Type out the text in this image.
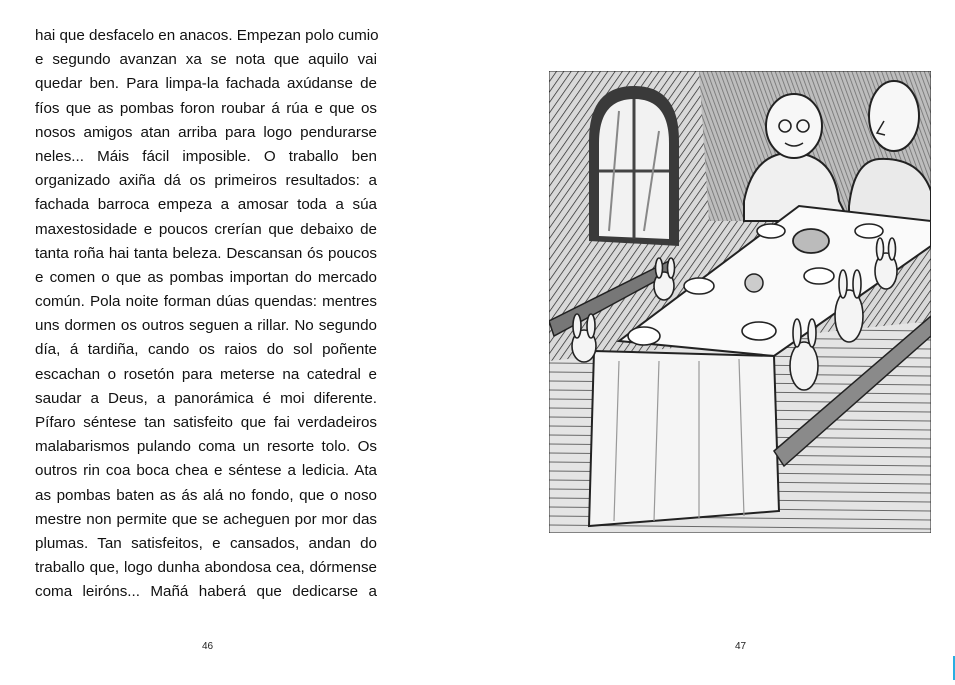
hai que desfacelo en anacos. Empezan polo cumio
e segundo avanzan xa se nota que aquilo vai
quedar ben. Para limpa-la fachada axúdanse de
fíos que as pombas foron roubar á rúa e que os
nosos amigos atan arriba para logo pendurarse
neles... Máis fácil imposible. O traballo ben
organizado axiña dá os primeiros resultados: a
fachada barroca empeza a amosar toda a súa
maxestosidade e poucos crerían que debaixo de
tanta roña hai tanta beleza. Descansan ós poucos
e comen o que as pombas importan do mercado
común. Pola noite forman dúas quendas: mentres
uns dormen os outros seguen a rillar. No segundo
día, á tardiña, cando os raios do sol poñente
escachan o rosetón para meterse na catedral e
saudar a Deus, a panorámica é moi diferente.
Pífaro séntese tan satisfeito que fai verdadeiros
malabarismos pulando coma un resorte tolo. Os
outros rin coa boca chea e séntese a ledicia. Ata
as pombas baten as ás alá no fondo, que o noso
mestre non permite que se acheguen por mor das
plumas. Tan satisfeitos, e cansados, andan do
traballo que, logo dunha abondosa cea, dórmense
coma leiróns... Mañá haberá que dedicarse a
46	47
